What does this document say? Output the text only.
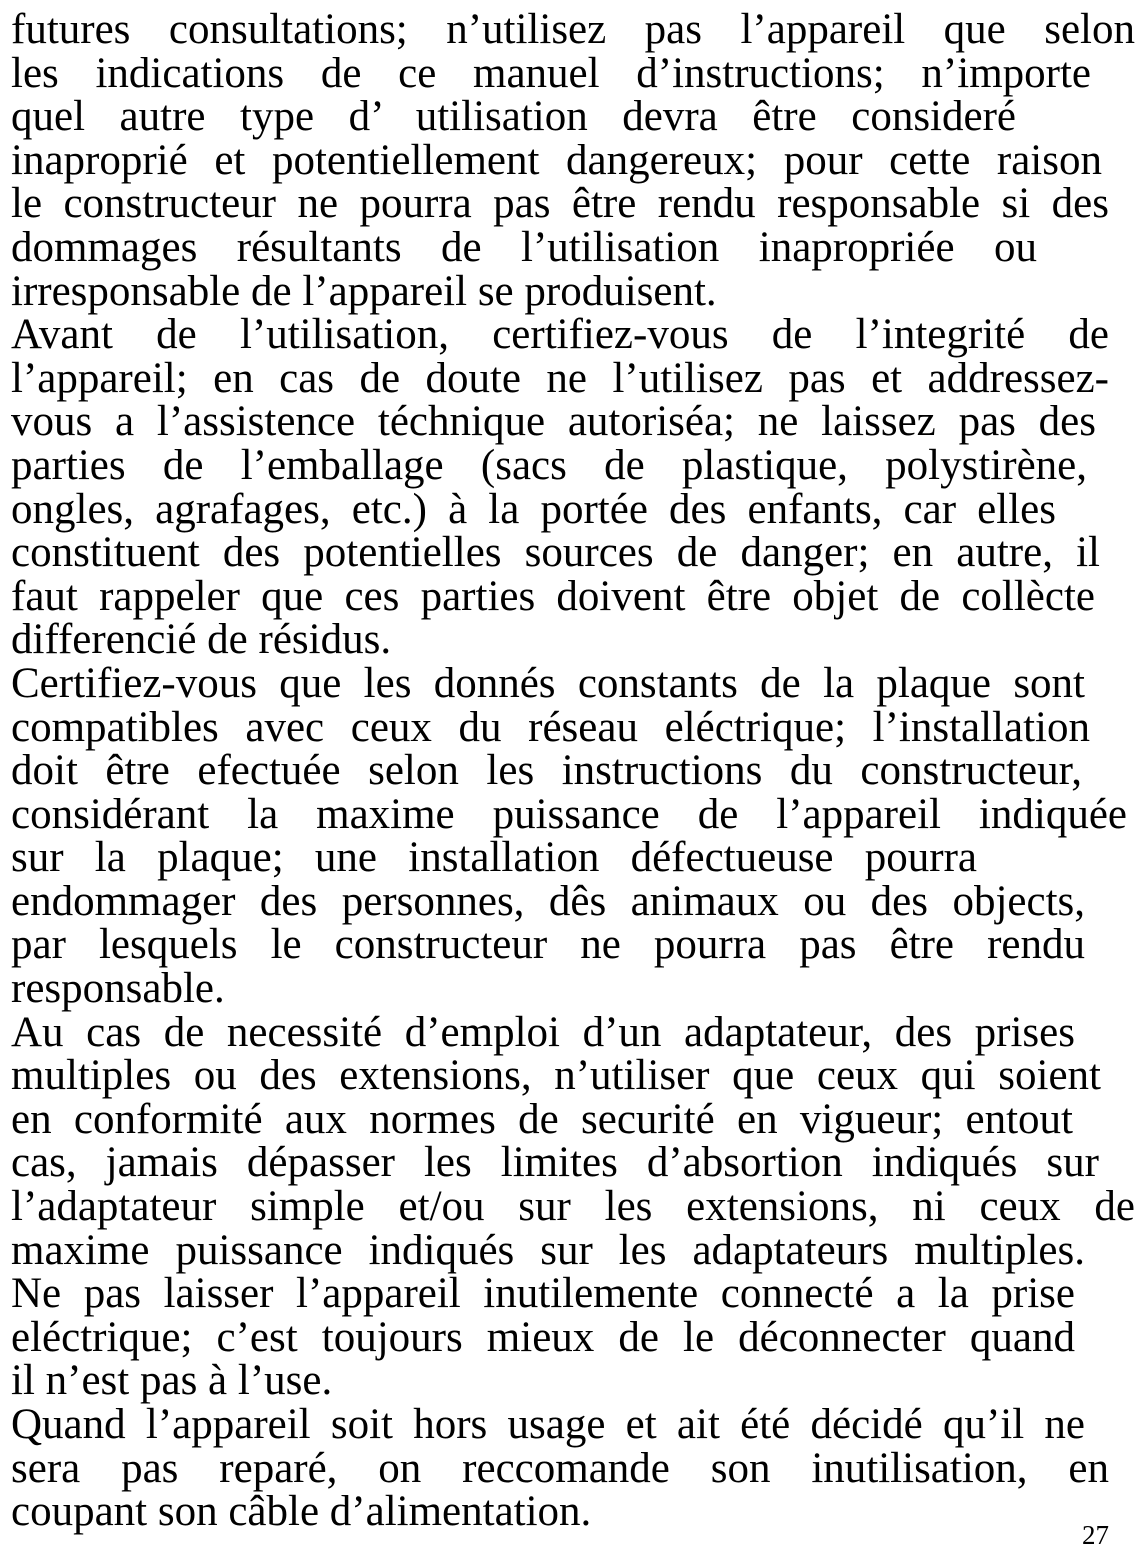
futures consultations; n’utilisez pas l’appareil que selon
les indications de ce manuel d’instructions; n’importe
quel autre type d’ utilisation devra être consideré
inaproprié et potentiellement dangereux; pour cette raison
le constructeur ne pourra pas être rendu responsable si des
dommages résultants de l’utilisation inapropriée ou
irresponsable de l’appareil se produisent.
Avant de l’utilisation, certifiez-vous de l’integrité de
l’appareil; en cas de doute ne l’utilisez pas et addressez-
vous a l’assistence téchnique autoriséa; ne laissez pas des
parties de l’emballage (sacs de plastique, polystirène,
ongles, agrafages, etc.) à la portée des enfants, car elles
constituent des potentielles sources de danger; en autre, il
faut rappeler que ces parties doivent être objet de collècte
differencié de résidus.
Certifiez-vous que les donnés constants de la plaque sont
compatibles avec ceux du réseau eléctrique; l’installation
doit être efectuée selon les instructions du constructeur,
considérant la maxime puissance de l’appareil indiquée
sur la plaque; une installation défectueuse pourra
endommager des personnes, dês animaux ou des objects,
par lesquels le constructeur ne pourra pas être rendu
responsable.
Au cas de necessité d’emploi d’un adaptateur, des prises
multiples ou des extensions, n’utiliser que ceux qui soient
en conformité aux normes de securité en vigueur; entout
cas, jamais dépasser les limites d’absortion indiqués sur
l’adaptateur simple et/ou sur les extensions, ni ceux de
maxime puissance indiqués sur les adaptateurs multiples.
Ne pas laisser l’appareil inutilemente connecté a la prise
eléctrique; c’est toujours mieux de le déconnecter quand
il n’est pas à l’use.
Quand l’appareil soit hors usage et ait été décidé qu’il ne
sera pas reparé, on reccomande son inutilisation, en
coupant son câble d’alimentation.	27
